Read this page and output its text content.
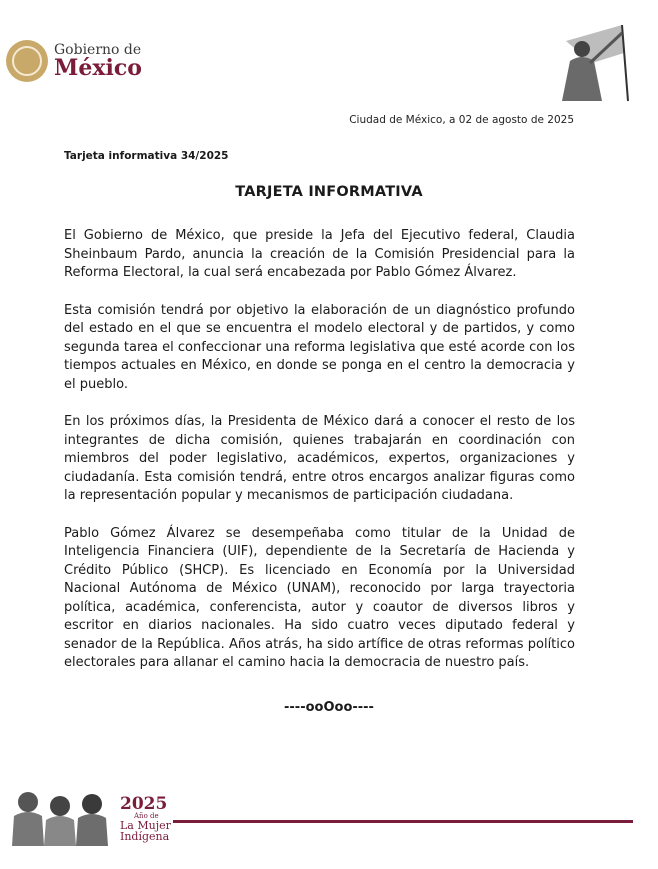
Gobierno de
México
Ciudad de México, a 02 de agosto de 2025
Tarjeta informativa 34/2025
TARJETA INFORMATIVA

El Gobierno de México, que preside la Jefa del Ejecutivo federal, Claudia Sheinbaum Pardo, anuncia la creación de la Comisión Presidencial para la Reforma Electoral, la cual será encabezada por Pablo Gómez Álvarez.

Esta comisión tendrá por objetivo la elaboración de un diagnóstico profundo del estado en el que se encuentra el modelo electoral y de partidos, y como segunda tarea el confeccionar una reforma legislativa que esté acorde con los tiempos actuales en México, en donde se ponga en el centro la democracia y el pueblo.

En los próximos días, la Presidenta de México dará a conocer el resto de los integrantes de dicha comisión, quienes trabajarán en coordinación con miembros del poder legislativo, académicos, expertos, organizaciones y ciudadanía. Esta comisión tendrá, entre otros encargos analizar figuras como la representación popular y mecanismos de participación ciudadana.

Pablo Gómez Álvarez se desempeñaba como titular de la Unidad de Inteligencia Financiera (UIF), dependiente de la Secretaría de Hacienda y Crédito Público (SHCP). Es licenciado en Economía por la Universidad Nacional Autónoma de México (UNAM), reconocido por larga trayectoria política, académica, conferencista, autor y coautor de diversos libros y escritor en diarios nacionales. Ha sido cuatro veces diputado federal y senador de la República. Años atrás, ha sido artífice de otras reformas político electorales para allanar el camino hacia la democracia de nuestro país.

----ooOoo----
2025
Año de
La Mujer
Indígena
